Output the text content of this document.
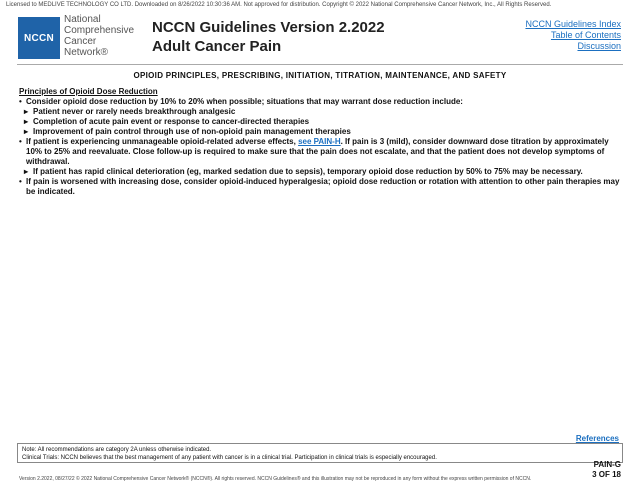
Licensed to MEDLIVE TECHNOLOGY CO LTD. Downloaded on 8/26/2022 10:30:36 AM. Not approved for distribution. Copyright © 2022 National Comprehensive Cancer Network, Inc., All Rights Reserved.
NCCN
National
Comprehensive
Cancer
Network®
NCCN Guidelines Version 2.2022
Adult Cancer Pain
NCCN Guidelines Index
Table of Contents
Discussion
OPIOID PRINCIPLES, PRESCRIBING, INITIATION, TITRATION, MAINTENANCE, AND SAFETY
Principles of Opioid Dose Reduction
• Consider opioid dose reduction by 10% to 20% when possible; situations that may warrant dose reduction include:
▸ Patient never or rarely needs breakthrough analgesic
▸ Completion of acute pain event or response to cancer-directed therapies
▸ Improvement of pain control through use of non-opioid pain management therapies
• If patient is experiencing unmanageable opioid-related adverse effects, see PAIN-H. If pain is 3 (mild), consider downward dose titration by approximately 10% to 25% and reevaluate. Close follow-up is required to make sure that the pain does not escalate, and that the patient does not develop symptoms of withdrawal.
▸ If patient has rapid clinical deterioration (eg, marked sedation due to sepsis), temporary opioid dose reduction by 50% to 75% may be necessary.
• If pain is worsened with increasing dose, consider opioid-induced hyperalgesia; opioid dose reduction or rotation with attention to other pain therapies may be indicated.
References
Note: All recommendations are category 2A unless otherwise indicated.
Clinical Trials: NCCN believes that the best management of any patient with cancer is in a clinical trial. Participation in clinical trials is especially encouraged.
PAIN-G
3 OF 18
Version 2.2022, 08/27/22 © 2022 National Comprehensive Cancer Network® (NCCN®). All rights reserved. NCCN Guidelines® and this illustration may not be reproduced in any form without the express written permission of NCCN.
